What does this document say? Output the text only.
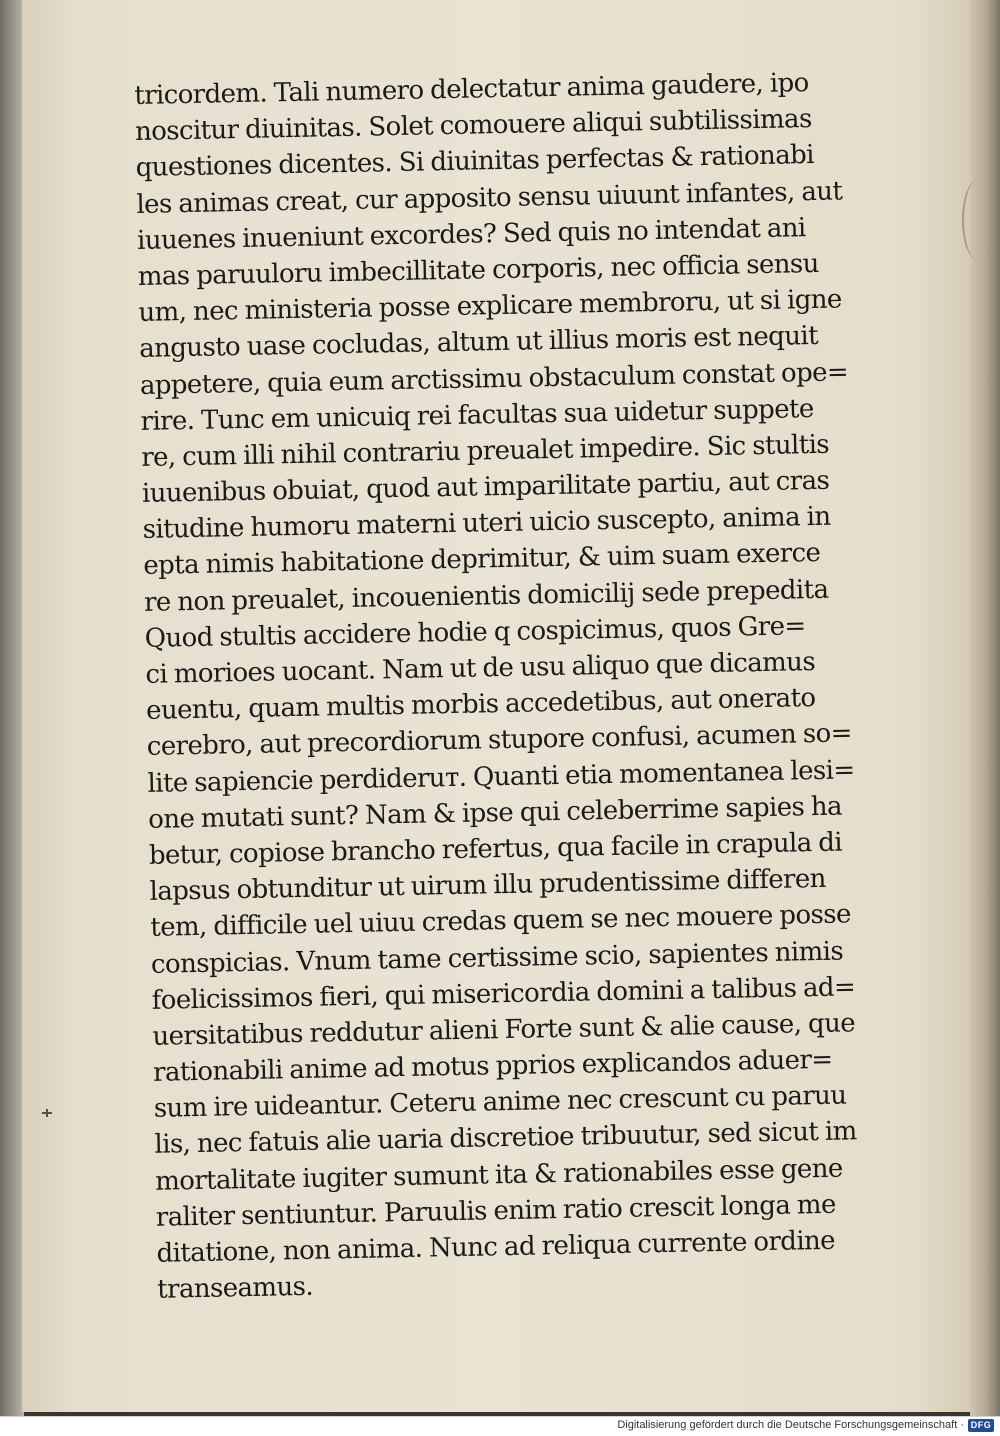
tricordem. Tali numero delectatur anima gaudere, ipo
noscitur diuinitas. Solet comouere aliqui subtilissimas
questiones dicentes. Si diuinitas perfectas & rationabi
les animas creat, cur apposito sensu uiuunt infantes, aut
iuuenes inueniunt excordes? Sed quis no intendat ani
mas paruuloru imbecillitate corporis, nec officia sensu
um, nec ministeria posse explicare membroru, ut si igne
angusto uase cocludas, altum ut illius moris est nequit
appetere, quia eum arctissimu obstaculum constat ope=
rire. Tunc em unicuiq rei facultas sua uidetur suppete
re, cum illi nihil contrariu preualet impedire. Sic stultis
iuuenibus obuiat, quod aut imparilitate partiu, aut cras
situdine humoru materni uteri uicio suscepto, anima in
epta nimis habitatione deprimitur, & uim suam exerce
re non preualet, incouenientis domicilij sede prepedita
Quod stultis accidere hodie q cospicimus, quos Gre=
ci morioes uocant. Nam ut de usu aliquo que dicamus
euentu, quam multis morbis accedetibus, aut onerato
cerebro, aut precordiorum stupore confusi, acumen so=
lite sapiencie perdideruт. Quanti etia momentanea lesi=
one mutati sunt? Nam & ipse qui celeberrime sapies ha
betur, copiose brancho refertus, qua facile in crapula di
lapsus obtunditur ut uirum illu prudentissime differen
tem, difficile uel uiuu credas quem se nec mouere posse
conspicias. Vnum tame certissime scio, sapientes nimis
foelicissimos fieri, qui misericordia domini a talibus ad=
uersitatibus reddutur alieni Forte sunt & alie cause, que
rationabili anime ad motus pprios explicandos aduer=
sum ire uideantur. Ceteru anime nec crescunt cu paruu
lis, nec fatuis alie uaria discretioe tribuutur, sed sicut im
mortalitate iugiter sumunt ita & rationabiles esse gene
raliter sentiuntur. Paruulis enim ratio crescit longa me
ditatione, non anima. Nunc ad reliqua currente ordine
transeamus.
Digitalisierung gefördert durch die Deutsche Forschungsgemeinschaft · DFG
